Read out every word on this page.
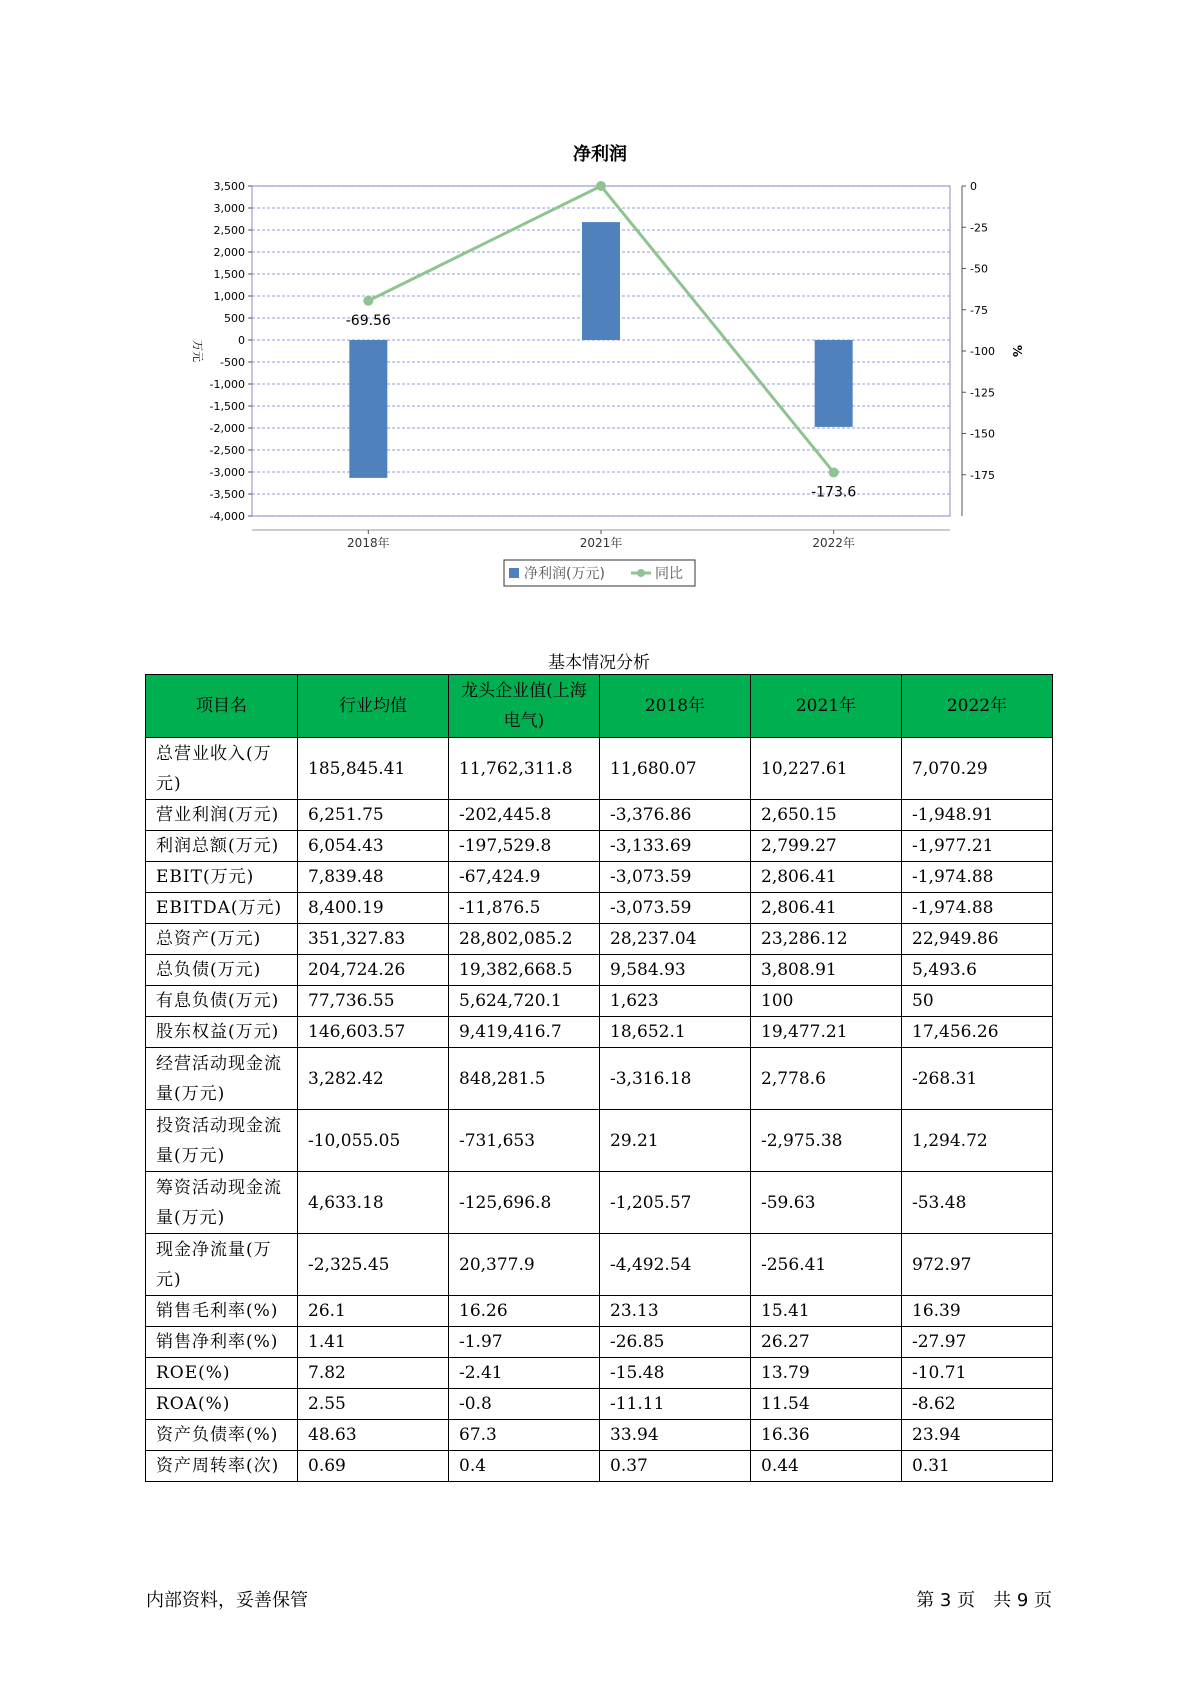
净利润
3,500
3,000
2,500
2,000
1,500
1,000
500
0
-500
-1,000
-1,500
-2,000
-2,500
-3,000
-3,500
-4,000
0
-25
-50
-75
-100
-125
-150
-175
万元	%
2018年	2021年	2022年
-69.56
-173.6
净利润(万元)	同比
基本情况分析
项目名	行业均值	龙头企业值(上海电气)	2018年	2021年	2022年
总营业收入(万元)	185,845.41	11,762,311.8	11,680.07	10,227.61	7,070.29
营业利润(万元)	6,251.75	-202,445.8	-3,376.86	2,650.15	-1,948.91
利润总额(万元)	6,054.43	-197,529.8	-3,133.69	2,799.27	-1,977.21
EBIT(万元)	7,839.48	-67,424.9	-3,073.59	2,806.41	-1,974.88
EBITDA(万元)	8,400.19	-11,876.5	-3,073.59	2,806.41	-1,974.88
总资产(万元)	351,327.83	28,802,085.2	28,237.04	23,286.12	22,949.86
总负债(万元)	204,724.26	19,382,668.5	9,584.93	3,808.91	5,493.6
有息负债(万元)	77,736.55	5,624,720.1	1,623	100	50
股东权益(万元)	146,603.57	9,419,416.7	18,652.1	19,477.21	17,456.26
经营活动现金流量(万元)	3,282.42	848,281.5	-3,316.18	2,778.6	-268.31
投资活动现金流量(万元)	-10,055.05	-731,653	29.21	-2,975.38	1,294.72
筹资活动现金流量(万元)	4,633.18	-125,696.8	-1,205.57	-59.63	-53.48
现金净流量(万元)	-2,325.45	20,377.9	-4,492.54	-256.41	972.97
销售毛利率(%)	26.1	16.26	23.13	15.41	16.39
销售净利率(%)	1.41	-1.97	-26.85	26.27	-27.97
ROE(%)	7.82	-2.41	-15.48	13.79	-10.71
ROA(%)	2.55	-0.8	-11.11	11.54	-8.62
资产负债率(%)	48.63	67.3	33.94	16.36	23.94
资产周转率(次)	0.69	0.4	0.37	0.44	0.31
内部资料，妥善保管	第 3 页　共 9 页
